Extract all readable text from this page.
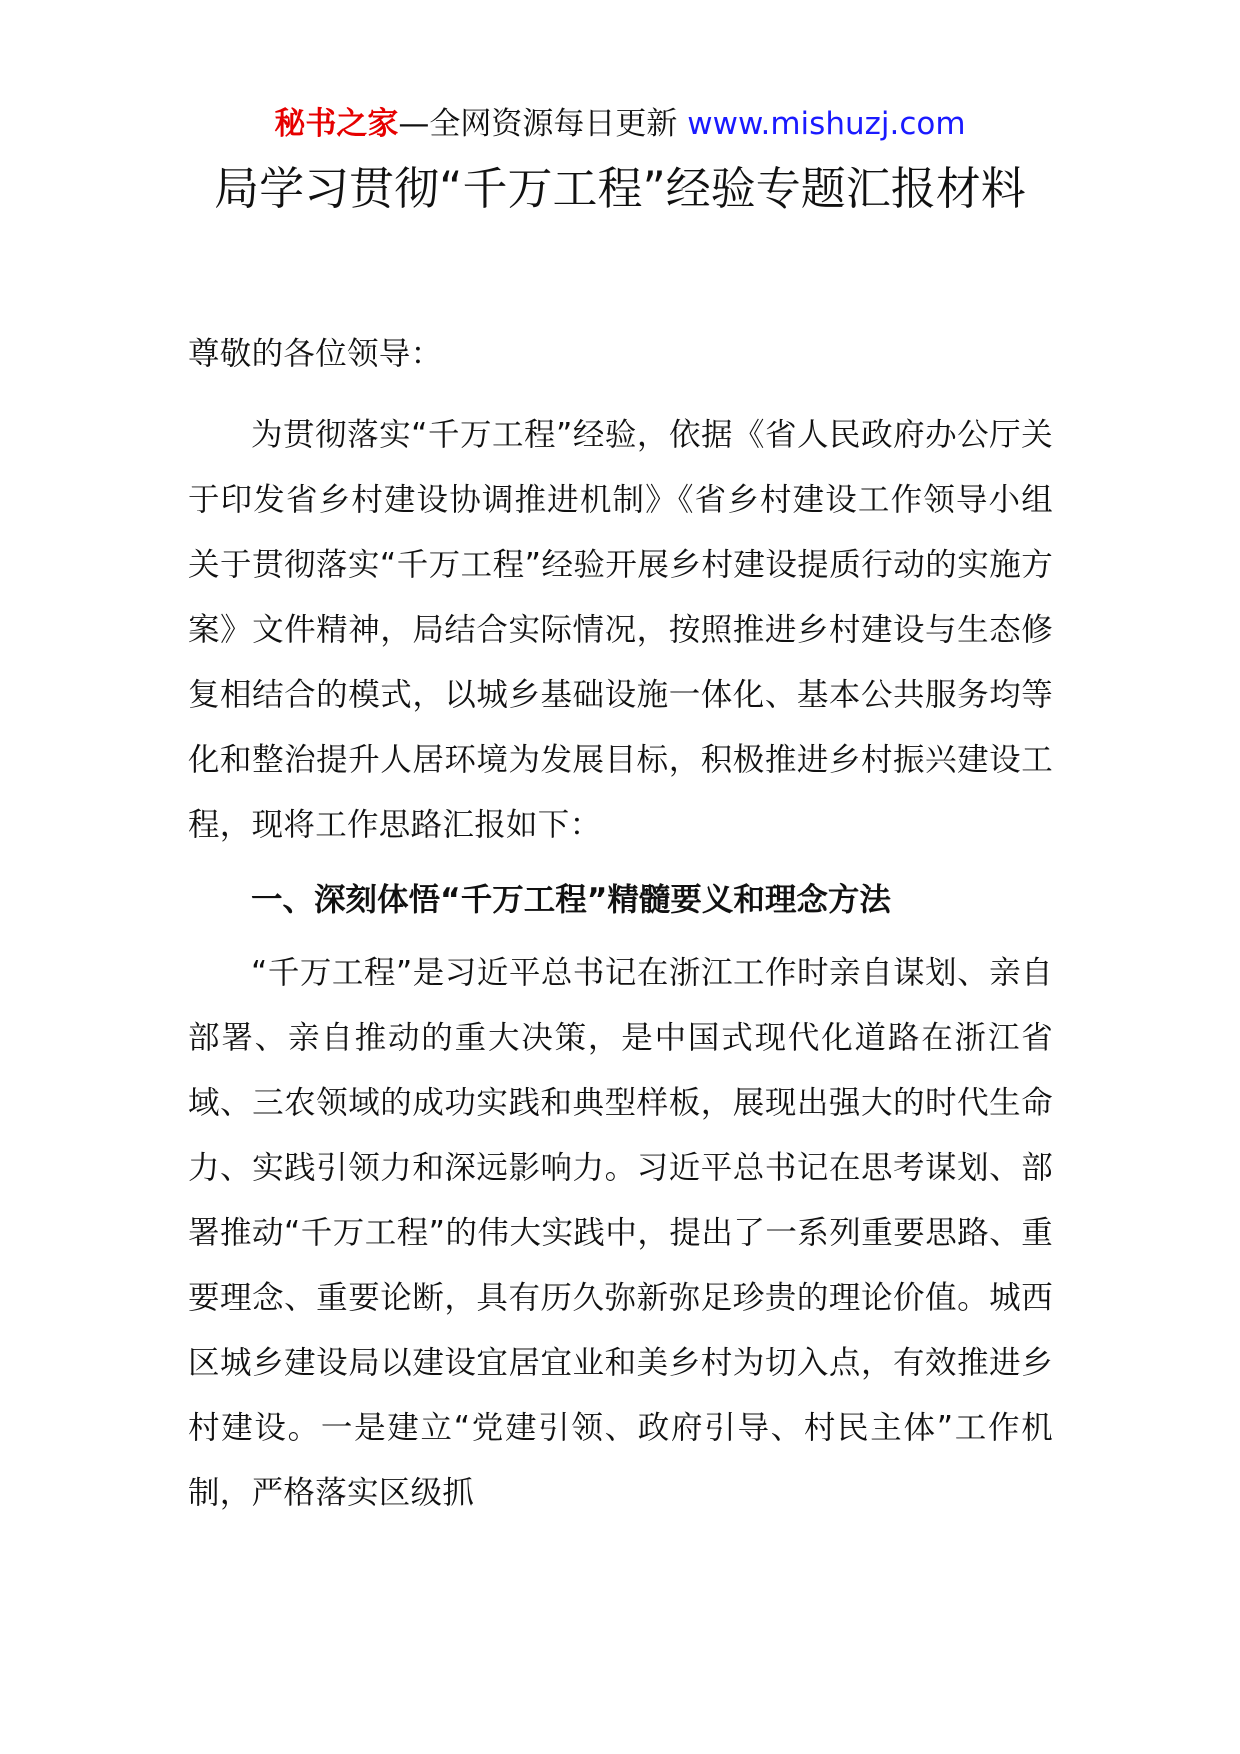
秘书之家—全网资源每日更新 www.mishuzj.com
局学习贯彻“千万工程”经验专题汇报材料

尊敬的各位领导：

为贯彻落实“千万工程”经验，依据《省人民政府办公厅关于印发省乡村建设协调推进机制》《省乡村建设工作领导小组关于贯彻落实“千万工程”经验开展乡村建设提质行动的实施方案》文件精神，局结合实际情况，按照推进乡村建设与生态修复相结合的模式，以城乡基础设施一体化、基本公共服务均等化和整治提升人居环境为发展目标，积极推进乡村振兴建设工程，现将工作思路汇报如下：

一、深刻体悟“千万工程”精髓要义和理念方法

“千万工程”是习近平总书记在浙江工作时亲自谋划、亲自部署、亲自推动的重大决策，是中国式现代化道路在浙江省域、三农领域的成功实践和典型样板，展现出强大的时代生命力、实践引领力和深远影响力。习近平总书记在思考谋划、部署推动“千万工程”的伟大实践中，提出了一系列重要思路、重要理念、重要论断，具有历久弥新弥足珍贵的理论价值。城西区城乡建设局以建设宜居宜业和美乡村为切入点，有效推进乡村建设。一是建立“党建引领、政府引导、村民主体”工作机制，严格落实区级抓
